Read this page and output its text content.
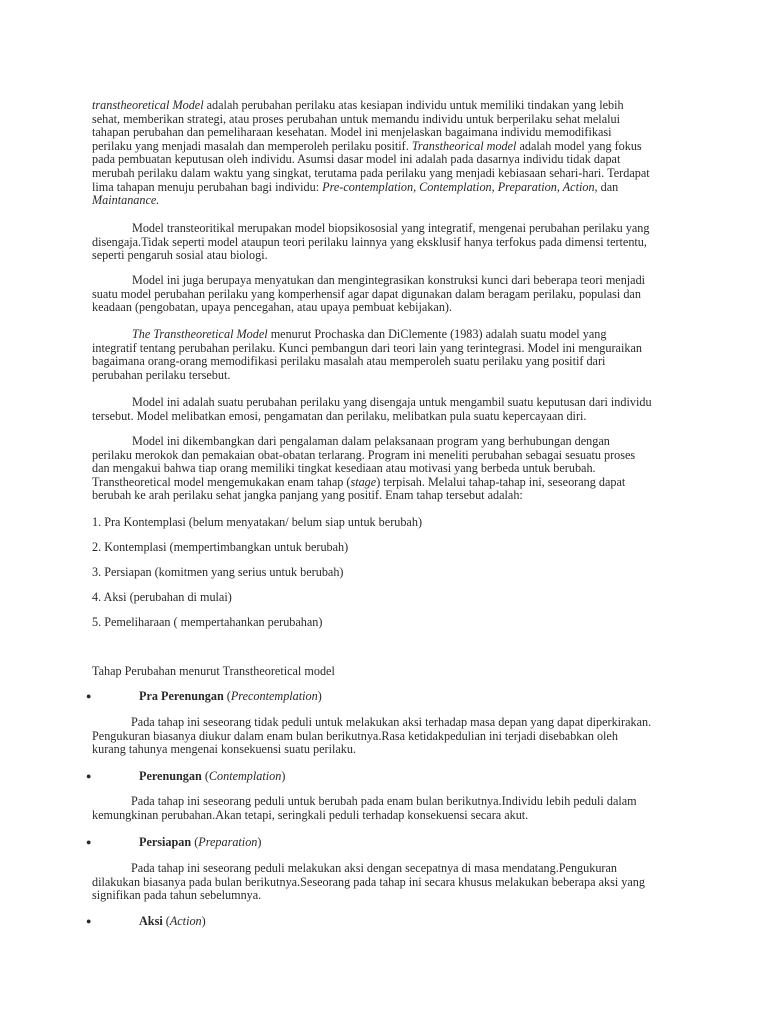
transtheoretical Model adalah perubahan perilaku atas kesiapan individu untuk memiliki tindakan yang lebih sehat, memberikan strategi, atau proses perubahan untuk memandu individu untuk berperilaku sehat melalui tahapan perubahan dan pemeliharaan kesehatan. Model ini menjelaskan bagaimana individu memodifikasi perilaku yang menjadi masalah dan memperoleh perilaku positif. Transtheorical model adalah model yang fokus pada pembuatan keputusan oleh individu. Asumsi dasar model ini adalah pada dasarnya individu tidak dapat merubah perilaku dalam waktu yang singkat, terutama pada perilaku yang menjadi kebiasaan sehari-hari. Terdapat lima tahapan menuju perubahan bagi individu: Pre-contemplation, Contemplation, Preparation, Action, dan Maintanance.

Model transteoritikal merupakan model biopsikososial yang integratif, mengenai perubahan perilaku yang disengaja.Tidak seperti model ataupun teori perilaku lainnya yang eksklusif hanya terfokus pada dimensi tertentu, seperti pengaruh sosial atau biologi.

Model ini juga berupaya menyatukan dan mengintegrasikan konstruksi kunci dari beberapa teori menjadi suatu model perubahan perilaku yang komperhensif agar dapat digunakan dalam beragam perilaku, populasi dan keadaan (pengobatan, upaya pencegahan, atau upaya pembuat kebijakan).

The Transtheoretical Model menurut Prochaska dan DiClemente (1983) adalah suatu model yang integratif tentang perubahan perilaku. Kunci pembangun dari teori lain yang terintegrasi. Model ini menguraikan bagaimana orang-orang memodifikasi perilaku masalah atau memperoleh suatu perilaku yang positif dari perubahan perilaku tersebut.

Model ini adalah suatu perubahan perilaku yang disengaja untuk mengambil suatu keputusan dari individu tersebut. Model melibatkan emosi, pengamatan dan perilaku, melibatkan pula suatu kepercayaan diri.

Model ini dikembangkan dari pengalaman dalam pelaksanaan program yang berhubungan dengan perilaku merokok dan pemakaian obat-obatan terlarang. Program ini meneliti perubahan sebagai sesuatu proses dan mengakui bahwa tiap orang memiliki tingkat kesediaan atau motivasi yang berbeda untuk berubah. Transtheoretical model mengemukakan enam tahap (stage) terpisah. Melalui tahap-tahap ini, seseorang dapat berubah ke arah perilaku sehat jangka panjang yang positif. Enam tahap tersebut adalah:

1. Pra Kontemplasi (belum menyatakan/ belum siap untuk berubah)

2. Kontemplasi (mempertimbangkan untuk berubah)

3. Persiapan (komitmen yang serius untuk berubah)

4. Aksi (perubahan di mulai)

5. Pemeliharaan ( mempertahankan perubahan)

Tahap Perubahan menurut Transtheoretical model

●	Pra Perenungan (Precontemplation)

Pada tahap ini seseorang tidak peduli untuk melakukan aksi terhadap masa depan yang dapat diperkirakan. Pengukuran biasanya diukur dalam enam bulan berikutnya.Rasa ketidakpedulian ini terjadi disebabkan oleh kurang tahunya mengenai konsekuensi suatu perilaku.

●	Perenungan (Contemplation)

Pada tahap ini seseorang peduli untuk berubah pada enam bulan berikutnya.Individu lebih peduli dalam kemungkinan perubahan.Akan tetapi, seringkali peduli terhadap konsekuensi secara akut.

●	Persiapan (Preparation)

Pada tahap ini seseorang peduli melakukan aksi dengan secepatnya di masa mendatang.Pengukuran dilakukan biasanya pada bulan berikutnya.Seseorang pada tahap ini secara khusus melakukan beberapa aksi yang signifikan pada tahun sebelumnya.

●	Aksi (Action)
